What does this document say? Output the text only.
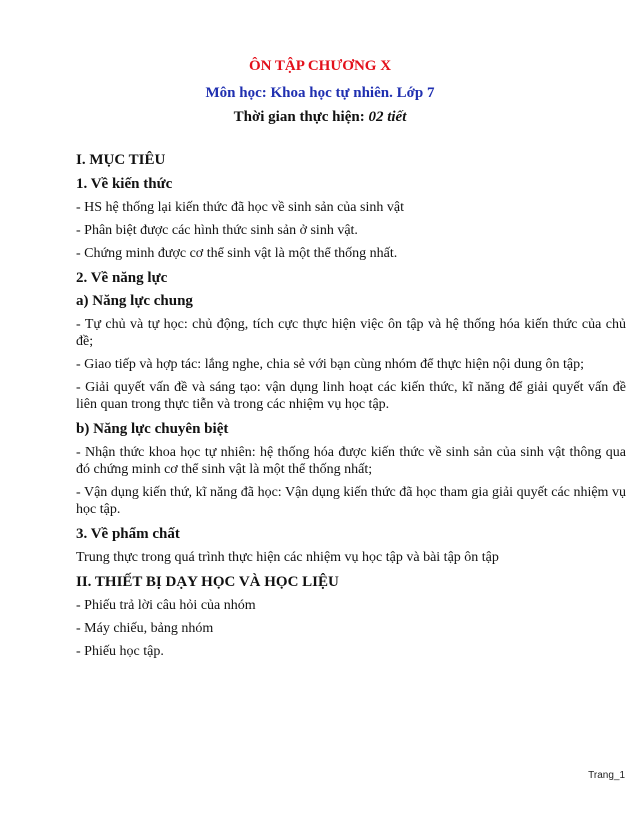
ÔN TẬP CHƯƠNG X

Môn học: Khoa học tự nhiên. Lớp 7

Thời gian thực hiện: 02 tiết

I. MỤC TIÊU
1. Về kiến thức

- HS hệ thống lại kiến thức đã học về sinh sản của sinh vật

- Phân biệt được các hình thức sinh sản ở sinh vật.

- Chứng minh được cơ thể sinh vật là một thể thống nhất.

2. Về năng lực
a) Năng lực chung

- Tự chủ và tự học: chủ động, tích cực thực hiện việc ôn tập và hệ thống hóa kiến thức của chủ đề;

- Giao tiếp và hợp tác: lắng nghe, chia sẻ với bạn cùng nhóm để thực hiện nội dung ôn tập;

- Giải quyết vấn đề và sáng tạo: vận dụng linh hoạt các kiến thức, kĩ năng để giải quyết vấn đề liên quan trong thực tiễn và trong các nhiệm vụ học tập.

b) Năng lực chuyên biệt

- Nhận thức khoa học tự nhiên: hệ thống hóa được kiến thức về sinh sản của sinh vật thông qua đó chứng minh cơ thể sinh vật là một thể thống nhất;

- Vận dụng kiến thứ, kĩ năng đã học: Vận dụng kiến thức đã học tham gia giải quyết các nhiệm vụ học tập.

3. Về phẩm chất

Trung thực trong quá trình thực hiện các nhiệm vụ học tập và bài tập ôn tập

II. THIẾT BỊ DẠY HỌC VÀ HỌC LIỆU

- Phiếu trả lời câu hỏi của nhóm

- Máy chiếu, bảng nhóm

- Phiếu học tập.

Trang_1
